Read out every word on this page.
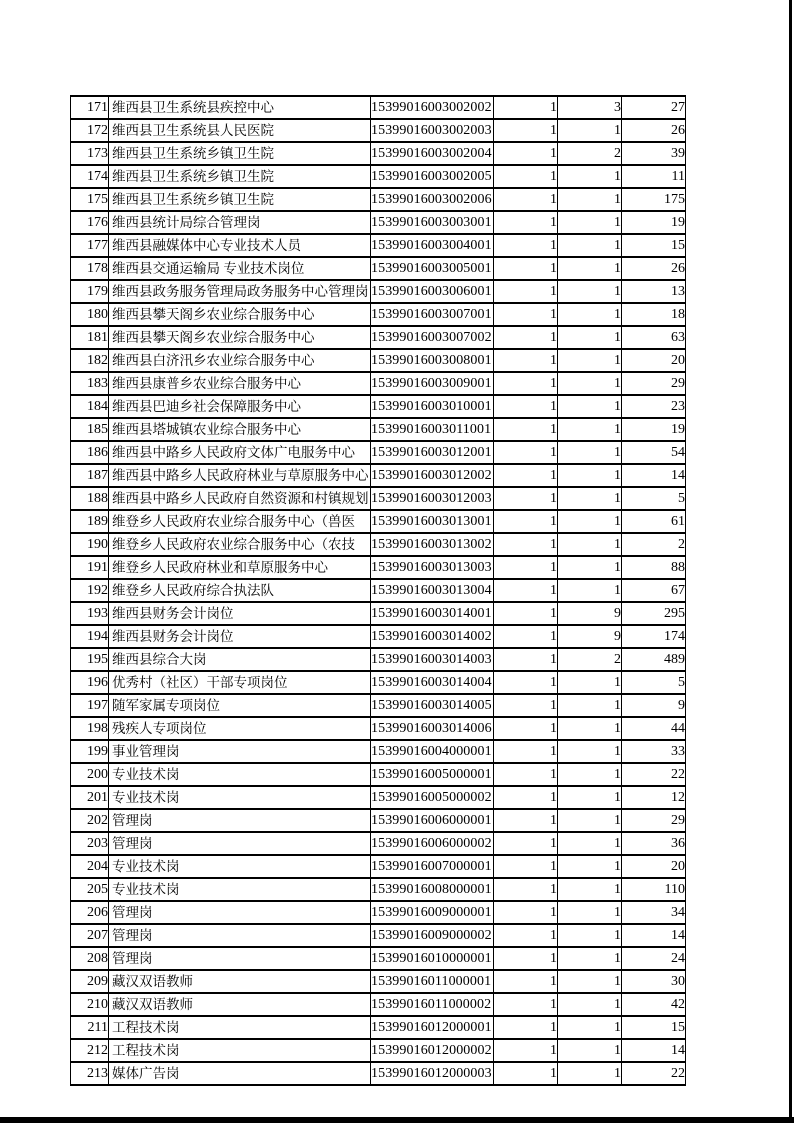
171	维西县卫生系统县疾控中心	15399016003002002	1	3	27
172	维西县卫生系统县人民医院	15399016003002003	1	1	26
173	维西县卫生系统乡镇卫生院	15399016003002004	1	2	39
174	维西县卫生系统乡镇卫生院	15399016003002005	1	1	11
175	维西县卫生系统乡镇卫生院	15399016003002006	1	1	175
176	维西县统计局综合管理岗	15399016003003001	1	1	19
177	维西县融媒体中心专业技术人员	15399016003004001	1	1	15
178	维西县交通运输局 专业技术岗位	15399016003005001	1	1	26
179	维西县政务服务管理局政务服务中心管理岗	15399016003006001	1	1	13
180	维西县攀天阁乡农业综合服务中心	15399016003007001	1	1	18
181	维西县攀天阁乡农业综合服务中心	15399016003007002	1	1	63
182	维西县白济汛乡农业综合服务中心	15399016003008001	1	1	20
183	维西县康普乡农业综合服务中心	15399016003009001	1	1	29
184	维西县巴迪乡社会保障服务中心	15399016003010001	1	1	23
185	维西县塔城镇农业综合服务中心	15399016003011001	1	1	19
186	维西县中路乡人民政府文体广电服务中心	15399016003012001	1	1	54
187	维西县中路乡人民政府林业与草原服务中心	15399016003012002	1	1	14
188	维西县中路乡人民政府自然资源和村镇规划	15399016003012003	1	1	5
189	维登乡人民政府农业综合服务中心（兽医	15399016003013001	1	1	61
190	维登乡人民政府农业综合服务中心（农技	15399016003013002	1	1	2
191	维登乡人民政府林业和草原服务中心	15399016003013003	1	1	88
192	维登乡人民政府综合执法队	15399016003013004	1	1	67
193	维西县财务会计岗位	15399016003014001	1	9	295
194	维西县财务会计岗位	15399016003014002	1	9	174
195	维西县综合大岗	15399016003014003	1	2	489
196	优秀村（社区）干部专项岗位	15399016003014004	1	1	5
197	随军家属专项岗位	15399016003014005	1	1	9
198	残疾人专项岗位	15399016003014006	1	1	44
199	事业管理岗	15399016004000001	1	1	33
200	专业技术岗	15399016005000001	1	1	22
201	专业技术岗	15399016005000002	1	1	12
202	管理岗	15399016006000001	1	1	29
203	管理岗	15399016006000002	1	1	36
204	专业技术岗	15399016007000001	1	1	20
205	专业技术岗	15399016008000001	1	1	110
206	管理岗	15399016009000001	1	1	34
207	管理岗	15399016009000002	1	1	14
208	管理岗	15399016010000001	1	1	24
209	藏汉双语教师	15399016011000001	1	1	30
210	藏汉双语教师	15399016011000002	1	1	42
211	工程技术岗	15399016012000001	1	1	15
212	工程技术岗	15399016012000002	1	1	14
213	媒体广告岗	15399016012000003	1	1	22
